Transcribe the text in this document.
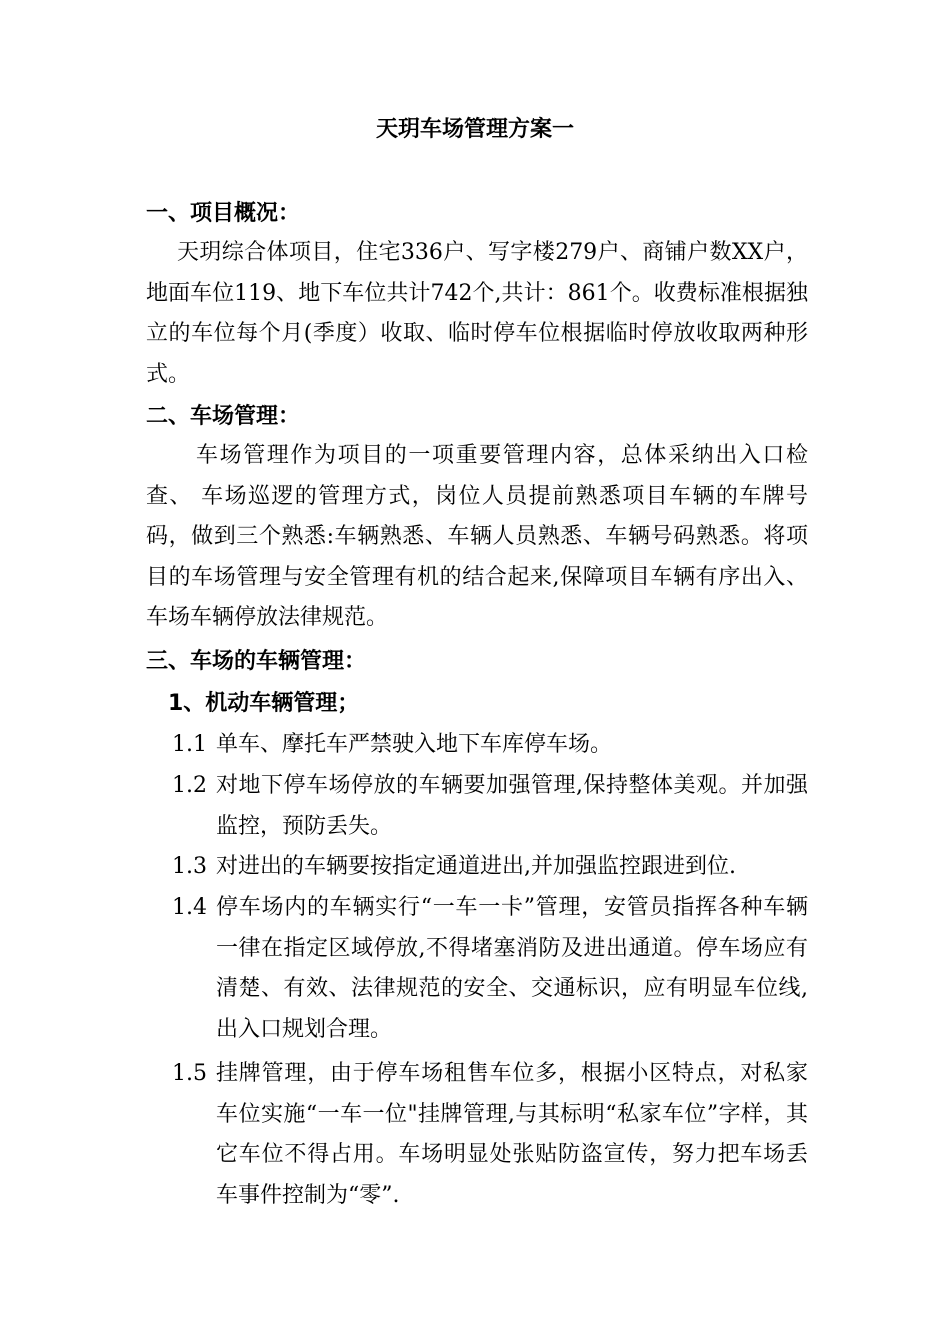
天玥车场管理方案一
一、项目概况：
天玥综合体项目，住宅336户、写字楼279户、商铺户数XX户，地面车位119、地下车位共计742个,共计：861个。收费标准根据独立的车位每个月(季度）收取、临时停车位根据临时停放收取两种形式。
二、车场管理：
车场管理作为项目的一项重要管理内容，总体采纳出入口检查、 车场巡逻的管理方式，岗位人员提前熟悉项目车辆的车牌号码，做到三个熟悉:车辆熟悉、车辆人员熟悉、车辆号码熟悉。将项目的车场管理与安全管理有机的结合起来,保障项目车辆有序出入、车场车辆停放法律规范。
三、车场的车辆管理：
1、机动车辆管理；
1.1 单车、摩托车严禁驶入地下车库停车场。
1.2 对地下停车场停放的车辆要加强管理,保持整体美观。并加强监控，预防丢失。
1.3 对进出的车辆要按指定通道进出,并加强监控跟进到位.
1.4 停车场内的车辆实行“一车一卡”管理，安管员指挥各种车辆一律在指定区域停放,不得堵塞消防及进出通道。停车场应有清楚、有效、法律规范的安全、交通标识，应有明显车位线,出入口规划合理。
1.5 挂牌管理，由于停车场租售车位多，根据小区特点，对私家车位实施“一车一位"挂牌管理,与其标明“私家车位”字样，其它车位不得占用。车场明显处张贴防盗宣传，努力把车场丢车事件控制为“零”.
